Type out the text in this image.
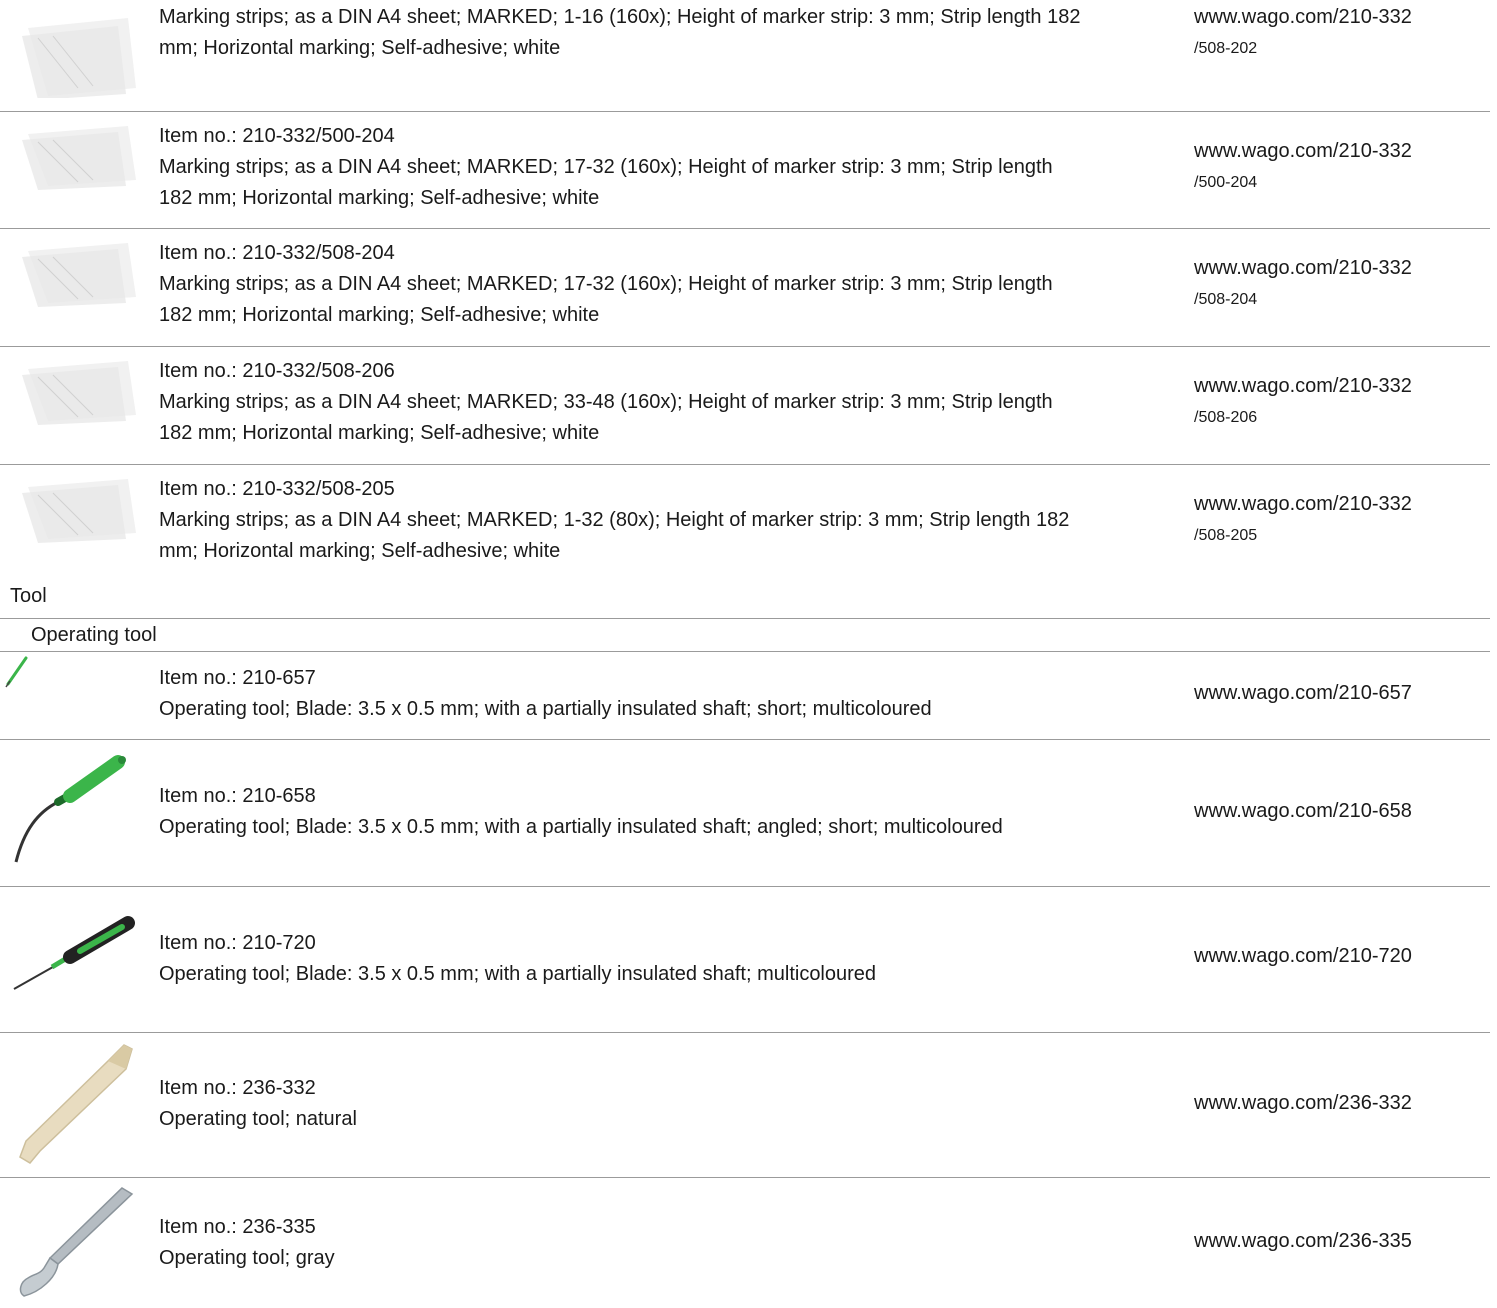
Marking strips; as a DIN A4 sheet; MARKED; 1-16 (160x); Height of marker strip: 3 mm; Strip length 182
mm; Horizontal marking; Self-adhesive; white
www.wago.com/210-332
/508-202
Item no.: 210-332/500-204
Marking strips; as a DIN A4 sheet; MARKED; 17-32 (160x); Height of marker strip: 3 mm; Strip length
182 mm; Horizontal marking; Self-adhesive; white
www.wago.com/210-332
/500-204
Item no.: 210-332/508-204
Marking strips; as a DIN A4 sheet; MARKED; 17-32 (160x); Height of marker strip: 3 mm; Strip length
182 mm; Horizontal marking; Self-adhesive; white
www.wago.com/210-332
/508-204
Item no.: 210-332/508-206
Marking strips; as a DIN A4 sheet; MARKED; 33-48 (160x); Height of marker strip: 3 mm; Strip length
182 mm; Horizontal marking; Self-adhesive; white
www.wago.com/210-332
/508-206
Item no.: 210-332/508-205
Marking strips; as a DIN A4 sheet; MARKED; 1-32 (80x); Height of marker strip: 3 mm; Strip length 182
mm; Horizontal marking; Self-adhesive; white
www.wago.com/210-332
/508-205
Tool
Operating tool
Item no.: 210-657
Operating tool; Blade: 3.5 x 0.5 mm; with a partially insulated shaft; short; multicoloured
www.wago.com/210-657
Item no.: 210-658
Operating tool; Blade: 3.5 x 0.5 mm; with a partially insulated shaft; angled; short; multicoloured
www.wago.com/210-658
Item no.: 210-720
Operating tool; Blade: 3.5 x 0.5 mm; with a partially insulated shaft; multicoloured
www.wago.com/210-720
Item no.: 236-332
Operating tool; natural
www.wago.com/236-332
Item no.: 236-335
Operating tool; gray
www.wago.com/236-335
